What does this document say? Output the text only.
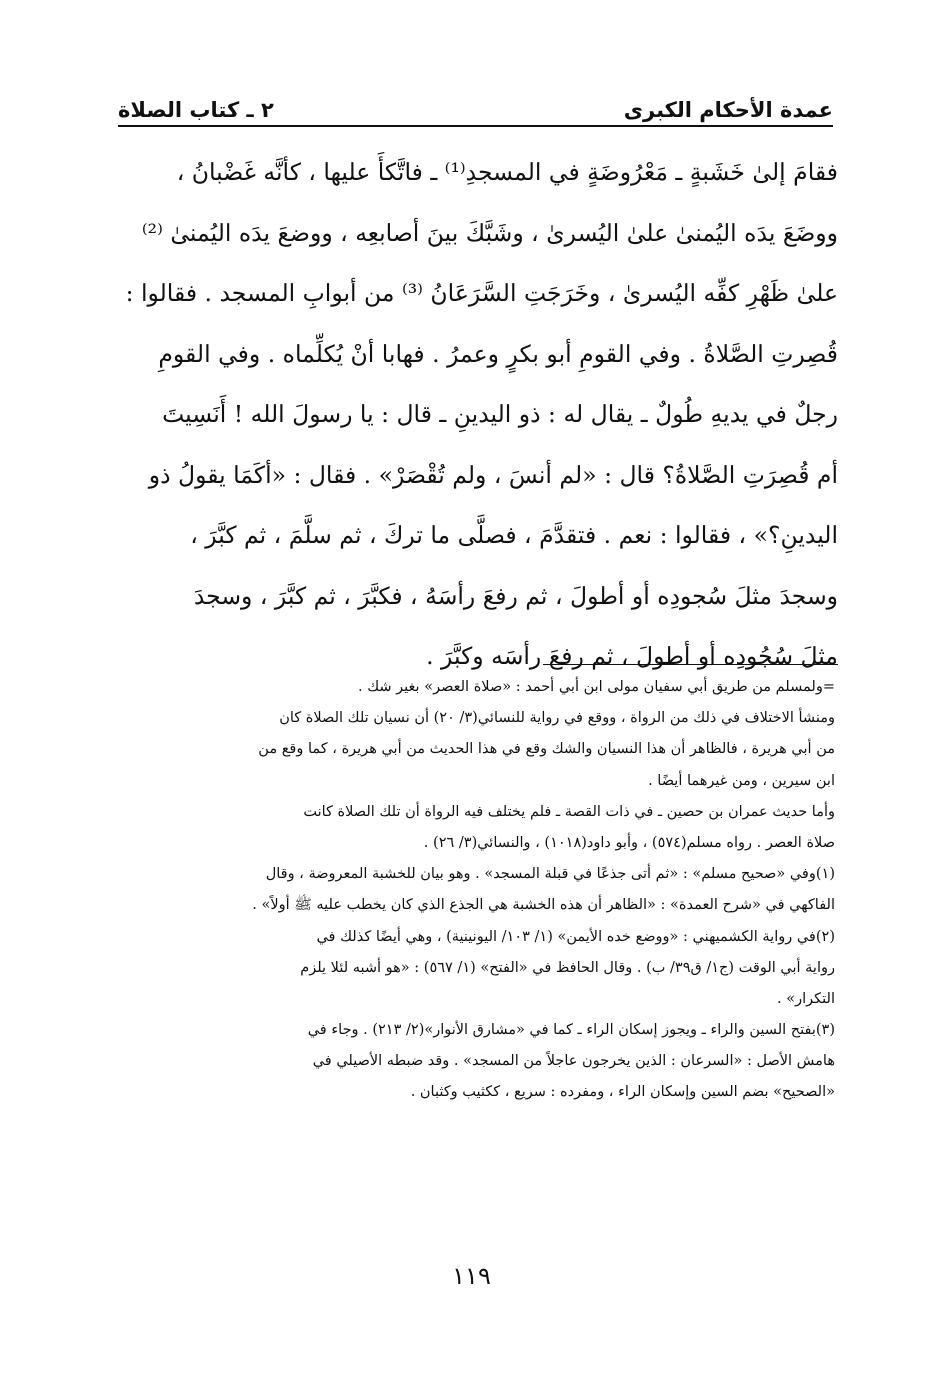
عمدة الأحكام الكبرى
٢ ـ كتاب الصلاة
فقامَ إلىٰ خَشَبةٍ ـ مَعْرُوضَةٍ في المسجدِ⁽¹⁾ ـ فاتَّكأَ عليها ، كأنَّه غَضْبانُ ،
ووضَعَ يدَه اليُمنىٰ علىٰ اليُسرىٰ ، وشَبَّكَ بينَ أصابعِه ، ووضعَ يدَه اليُمنىٰ ⁽²⁾
علىٰ ظَهْرِ كفِّه اليُسرىٰ ، وخَرَجَتِ السَّرَعَانُ ⁽³⁾ من أبوابِ المسجد . فقالوا :
قُصِرتِ الصَّلاةُ . وفي القومِ أبو بكرٍ وعمرُ . فهابا أنْ يُكلِّماه . وفي القومِ
رجلٌ في يديهِ طُولٌ ـ يقال له : ذو اليدينِ ـ قال : يا رسولَ الله ! أَنَسِيتَ
أم قُصِرَتِ الصَّلاةُ؟ قال : «لم أنسَ ، ولم تُقْصَرْ» . فقال : «أكَمَا يقولُ ذو
اليدينِ؟» ، فقالوا : نعم . فتقدَّمَ ، فصلَّى ما تركَ ، ثم سلَّمَ ، ثم كبَّرَ ،
وسجدَ مثلَ سُجودِه أو أطولَ ، ثم رفعَ رأسَهُ ، فكبَّرَ ، ثم كبَّرَ ، وسجدَ
مثلَ سُجُودِه أو أطولَ ، ثم رفعَ رأسَه وكبَّرَ .
=ولمسلم من طريق أبي سفيان مولى ابن أبي أحمد : «صلاة العصر» بغير شك .
ومنشأ الاختلاف في ذلك من الرواة ، ووقع في رواية للنسائي(٣/ ٢٠) أن نسيان تلك الصلاة كان
من أبي هريرة ، فالظاهر أن هذا النسيان والشك وقع في هذا الحديث من أبي هريرة ، كما وقع من
ابن سيرين ، ومن غيرهما أيضًا .
وأما حديث عمران بن حصين ـ في ذات القصة ـ فلم يختلف فيه الرواة أن تلك الصلاة كانت
صلاة العصر . رواه مسلم(٥٧٤) ، وأبو داود(١٠١٨) ، والنسائي(٣/ ٢٦) .
(١)وفي «صحيح مسلم» : «ثم أتى جذعًا في قبلة المسجد» . وهو بيان للخشبة المعروضة ، وقال
الفاكهي في «شرح العمدة» : «الظاهر أن هذه الخشبة هي الجذع الذي كان يخطب عليه ﷺ أولاً» .
(٢)في رواية الكشميهني : «ووضع خده الأيمن» (١/ ١٠٣/ اليونينية) ، وهي أيضًا كذلك في
رواية أبي الوقت (ج١/ ق٣٩/ ب) . وقال الحافظ في «الفتح» (١/ ٥٦٧) : «هو أشبه لئلا يلزم
التكرار» .
(٣)بفتح السين والراء ـ ويجوز إسكان الراء ـ كما في «مشارق الأنوار»(٢/ ٢١٣) . وجاء في
هامش الأصل : «السرعان : الذين يخرجون عاجلاً من المسجد» . وقد ضبطه الأصيلي في
«الصحيح» بضم السين وإسكان الراء ، ومفرده : سريع ، ككثيب وكثبان .
١١٩
